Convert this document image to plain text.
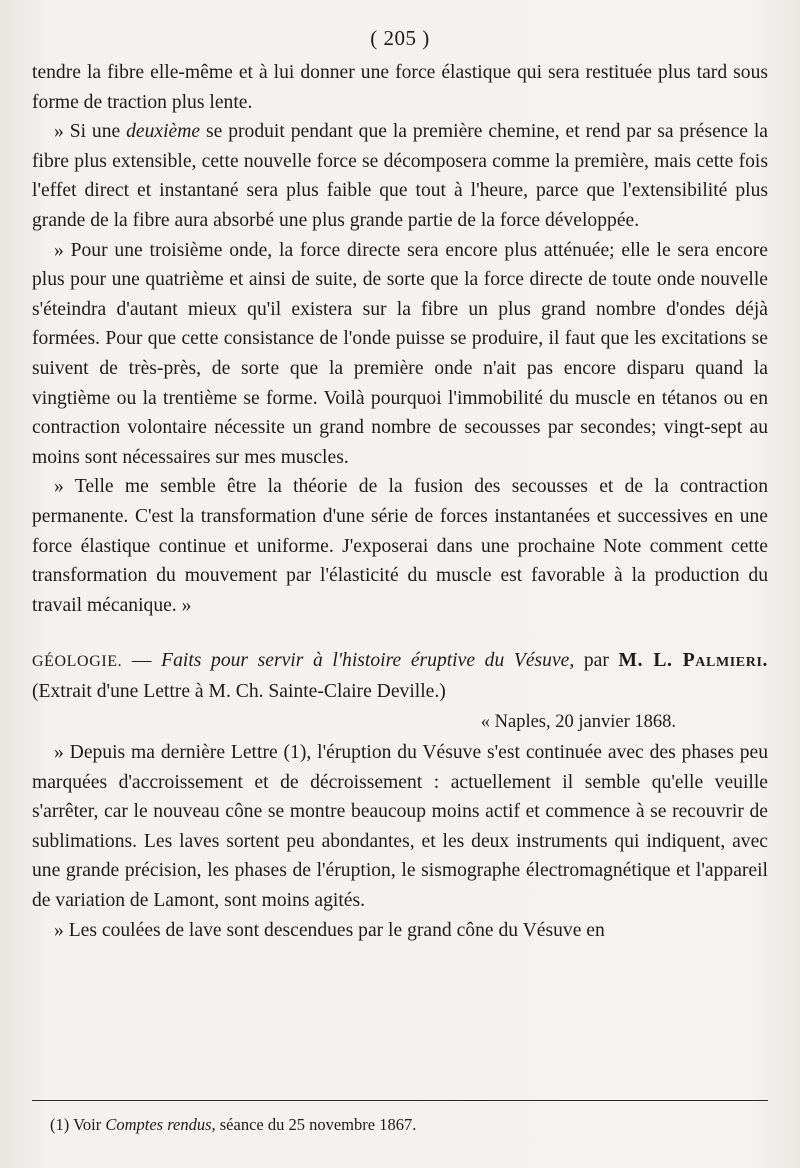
( 205 )

tendre la fibre elle-même et à lui donner une force élastique qui sera restituée plus tard sous forme de traction plus lente.

» Si une deuxième se produit pendant que la première chemine, et rend par sa présence la fibre plus extensible, cette nouvelle force se décomposera comme la première, mais cette fois l'effet direct et instantané sera plus faible que tout à l'heure, parce que l'extensibilité plus grande de la fibre aura absorbé une plus grande partie de la force développée.

» Pour une troisième onde, la force directe sera encore plus atténuée; elle le sera encore plus pour une quatrième et ainsi de suite, de sorte que la force directe de toute onde nouvelle s'éteindra d'autant mieux qu'il existera sur la fibre un plus grand nombre d'ondes déjà formées. Pour que cette consistance de l'onde puisse se produire, il faut que les excitations se suivent de très-près, de sorte que la première onde n'ait pas encore disparu quand la vingtième ou la trentième se forme. Voilà pourquoi l'immobilité du muscle en tétanos ou en contraction volontaire nécessite un grand nombre de secousses par secondes; vingt-sept au moins sont nécessaires sur mes muscles.

» Telle me semble être la théorie de la fusion des secousses et de la contraction permanente. C'est la transformation d'une série de forces instantanées et successives en une force élastique continue et uniforme. J'exposerai dans une prochaine Note comment cette transformation du mouvement par l'élasticité du muscle est favorable à la production du travail mécanique. »

GÉOLOGIE. — Faits pour servir à l'histoire éruptive du Vésuve, par M. L. Palmieri. (Extrait d'une Lettre à M. Ch. Sainte-Claire Deville.)

« Naples, 20 janvier 1868.

» Depuis ma dernière Lettre (1), l'éruption du Vésuve s'est continuée avec des phases peu marquées d'accroissement et de décroissement : actuellement il semble qu'elle veuille s'arrêter, car le nouveau cône se montre beaucoup moins actif et commence à se recouvrir de sublimations. Les laves sortent peu abondantes, et les deux instruments qui indiquent, avec une grande précision, les phases de l'éruption, le sismographe électromagnétique et l'appareil de variation de Lamont, sont moins agités.

» Les coulées de lave sont descendues par le grand cône du Vésuve en

(1) Voir Comptes rendus, séance du 25 novembre 1867.
